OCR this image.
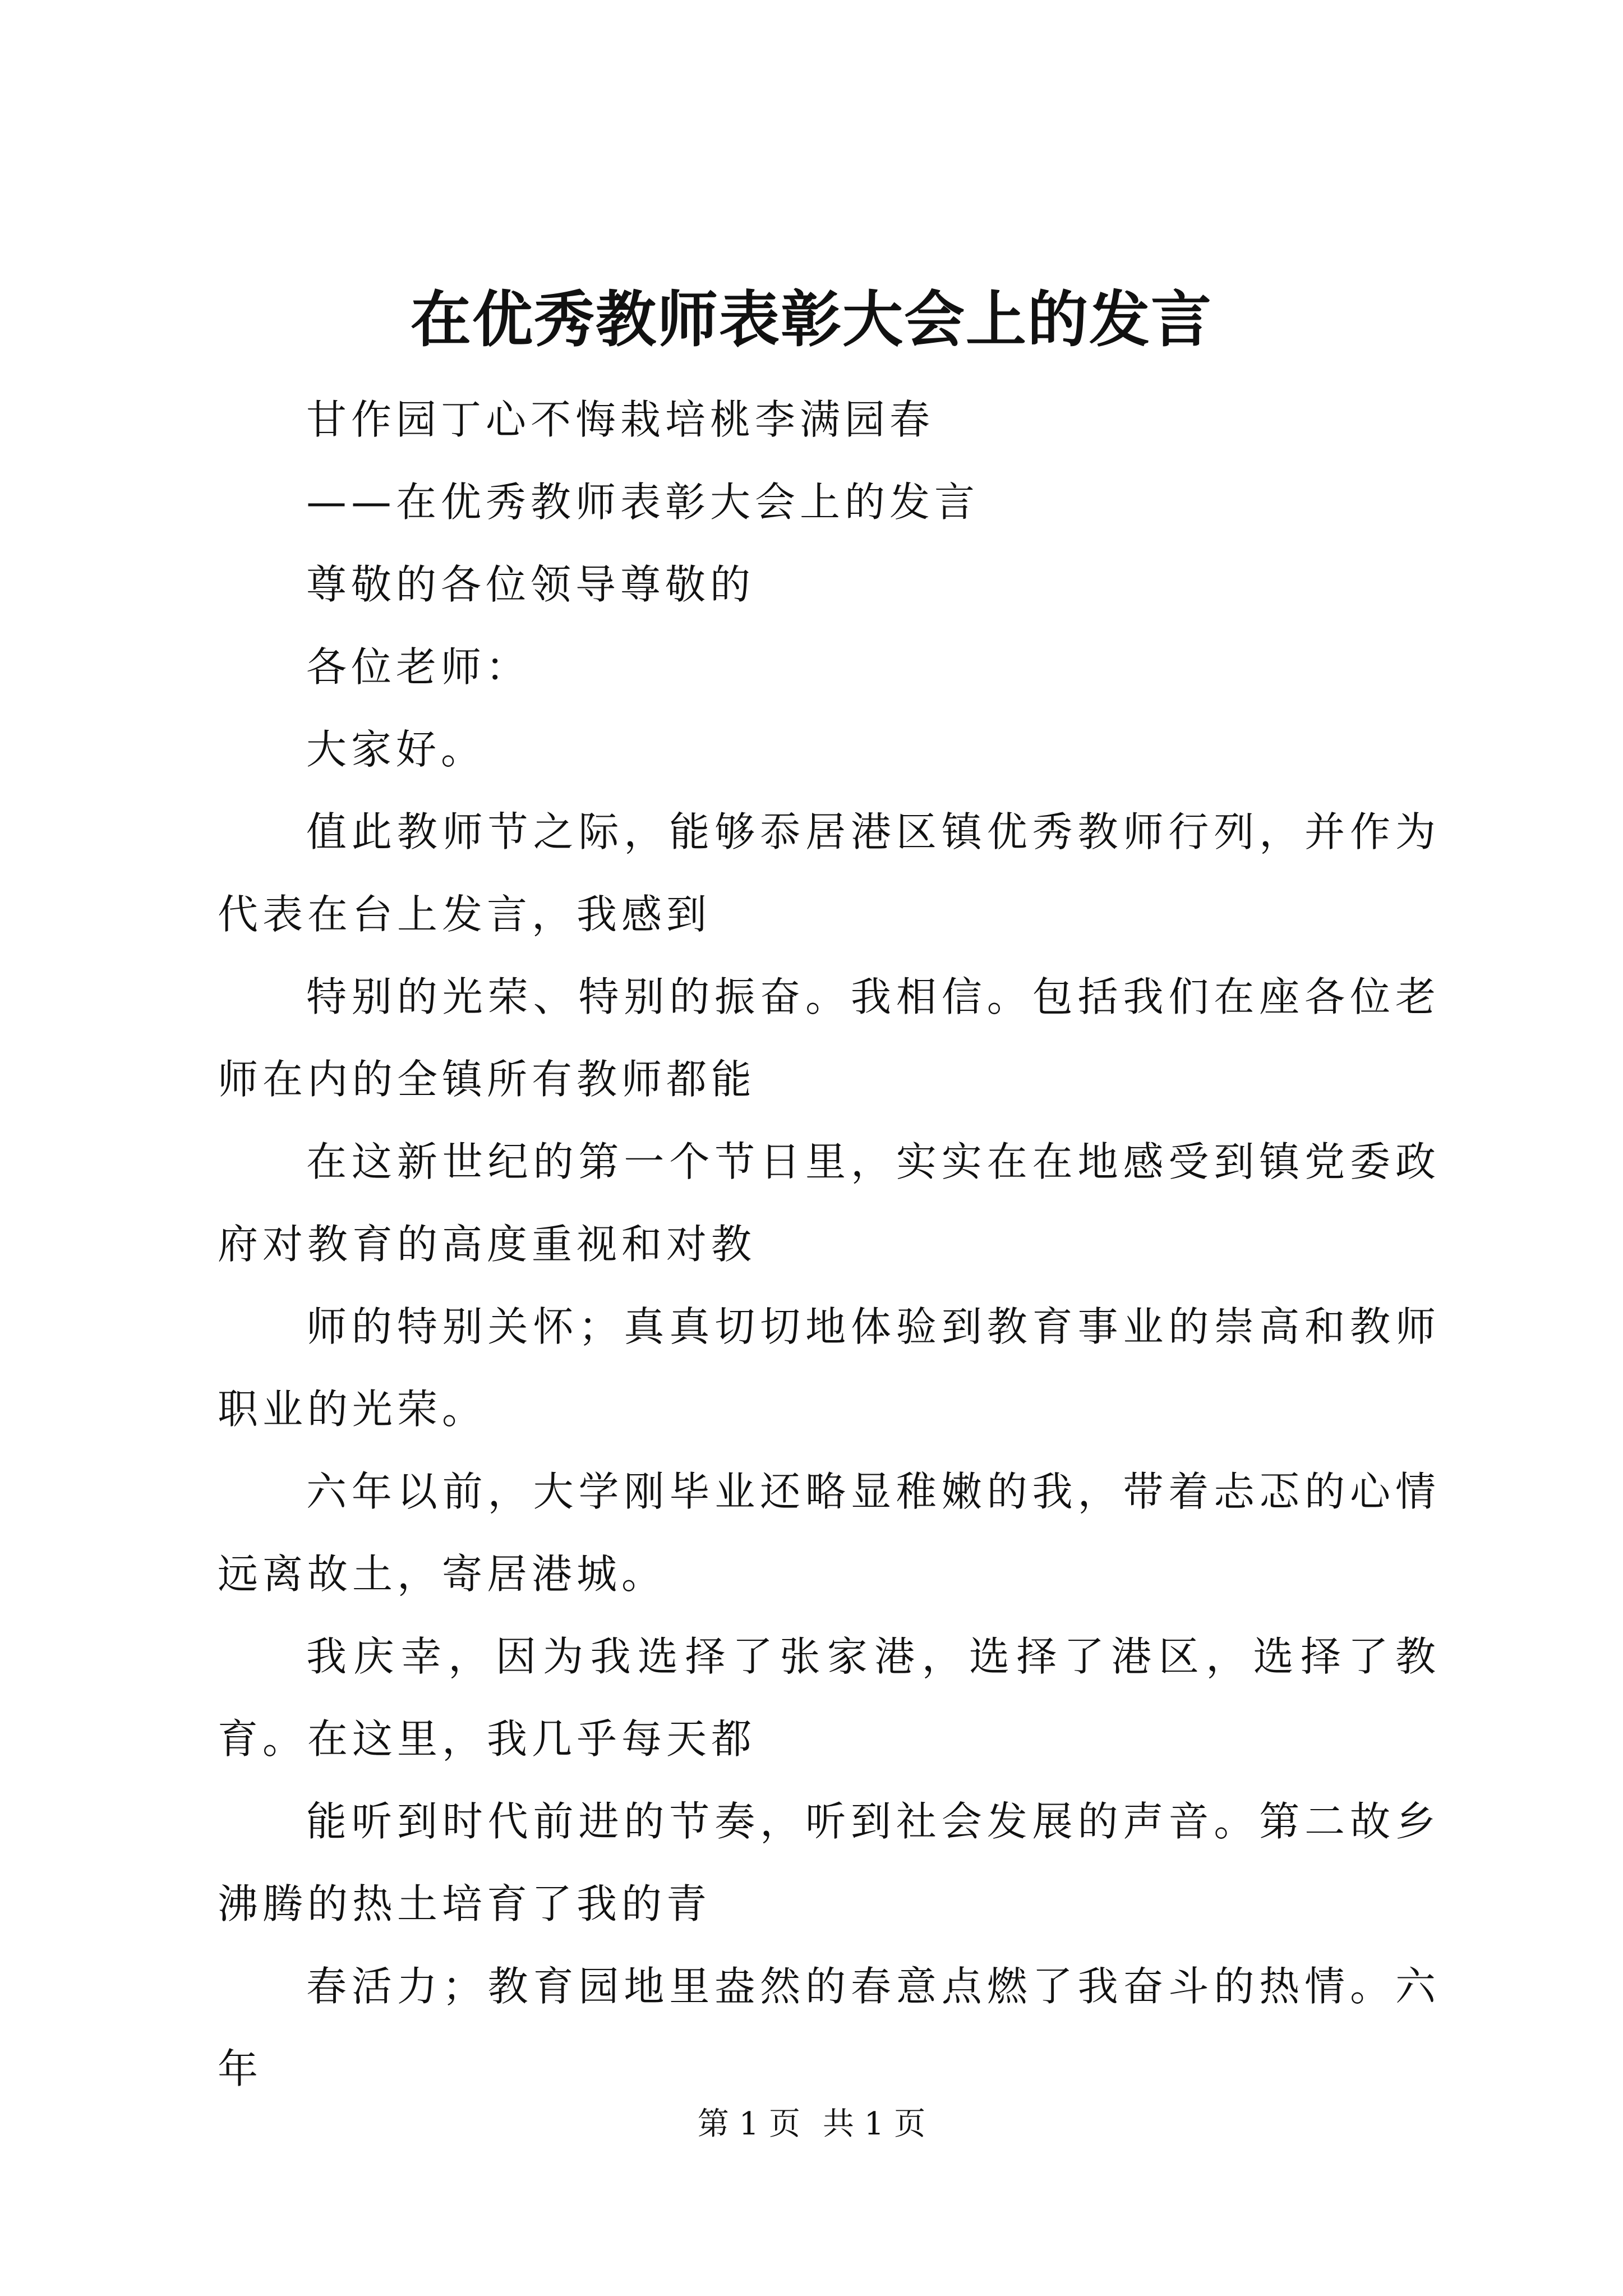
在优秀教师表彰大会上的发言

甘作园丁心不悔栽培桃李满园春

——在优秀教师表彰大会上的发言

尊敬的各位领导尊敬的

各位老师：

大家好。

值此教师节之际，能够忝居港区镇优秀教师行列，并作为代表在台上发言，我感到

特别的光荣、特别的振奋。我相信。包括我们在座各位老师在内的全镇所有教师都能

在这新世纪的第一个节日里，实实在在地感受到镇党委政府对教育的高度重视和对教

师的特别关怀；真真切切地体验到教育事业的崇高和教师职业的光荣。

六年以前，大学刚毕业还略显稚嫩的我，带着忐忑的心情远离故土，寄居港城。

我庆幸，因为我选择了张家港，选择了港区，选择了教育。在这里，我几乎每天都

能听到时代前进的节奏，听到社会发展的声音。第二故乡沸腾的热土培育了我的青

春活力；教育园地里盎然的春意点燃了我奋斗的热情。六年

第 1 页 共 1 页
